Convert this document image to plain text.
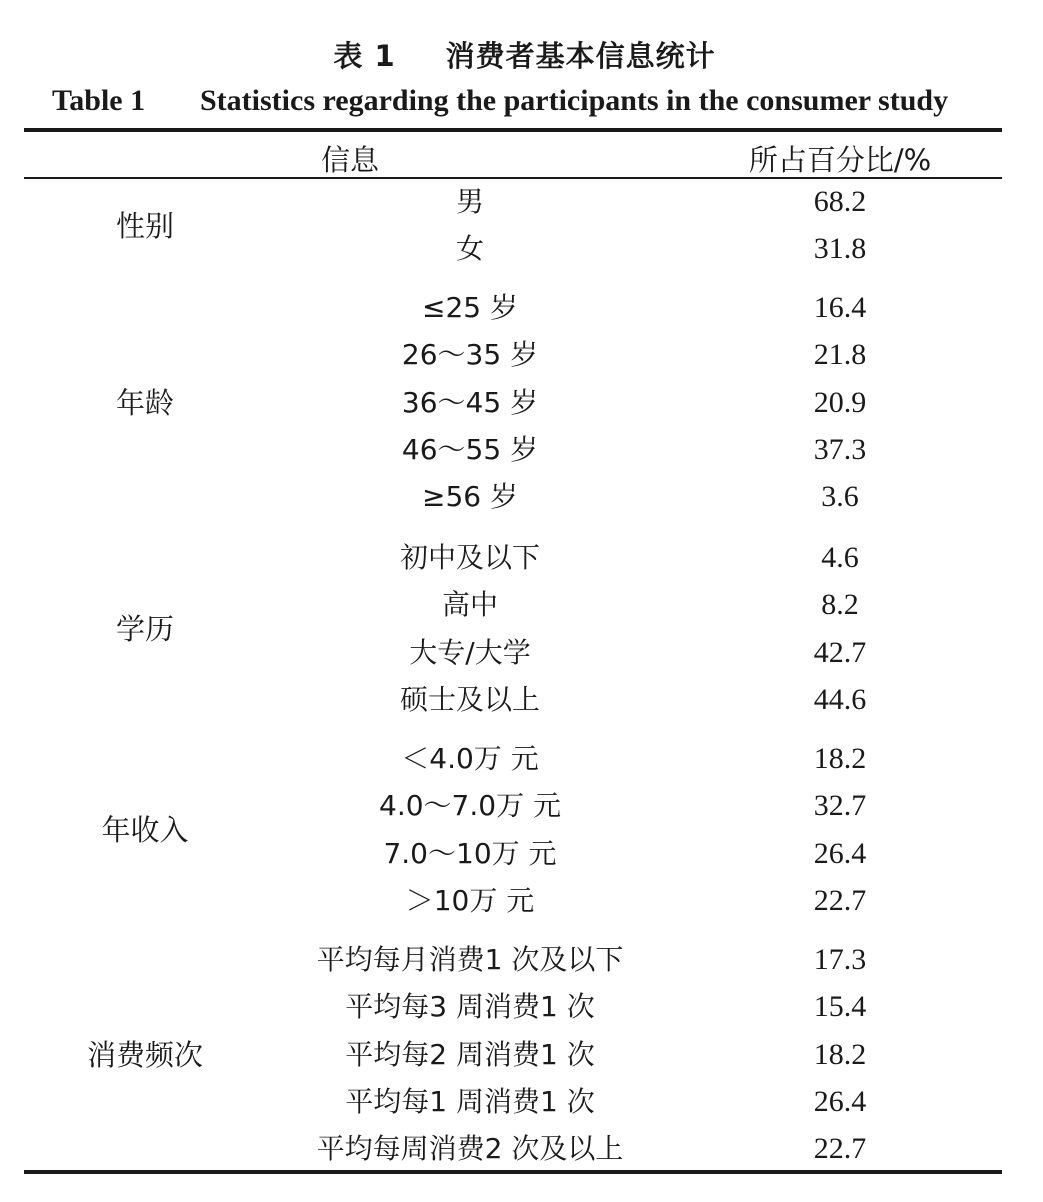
表 1 消费者基本信息统计
Table 1 Statistics regarding the participants in the consumer study
信息	所占百分比/%
性别
男	68.2
女	31.8
年龄
≤25 岁	16.4
26～35 岁	21.8
36～45 岁	20.9
46～55 岁	37.3
≥56 岁	3.6
学历
初中及以下	4.6
高中	8.2
大专/大学	42.7
硕士及以上	44.6
年收入
＜4.0万 元	18.2
4.0～7.0万 元	32.7
7.0～10万 元	26.4
＞10万 元	22.7
消费频次
平均每月消费1 次及以下	17.3
平均每3 周消费1 次	15.4
平均每2 周消费1 次	18.2
平均每1 周消费1 次	26.4
平均每周消费2 次及以上	22.7
